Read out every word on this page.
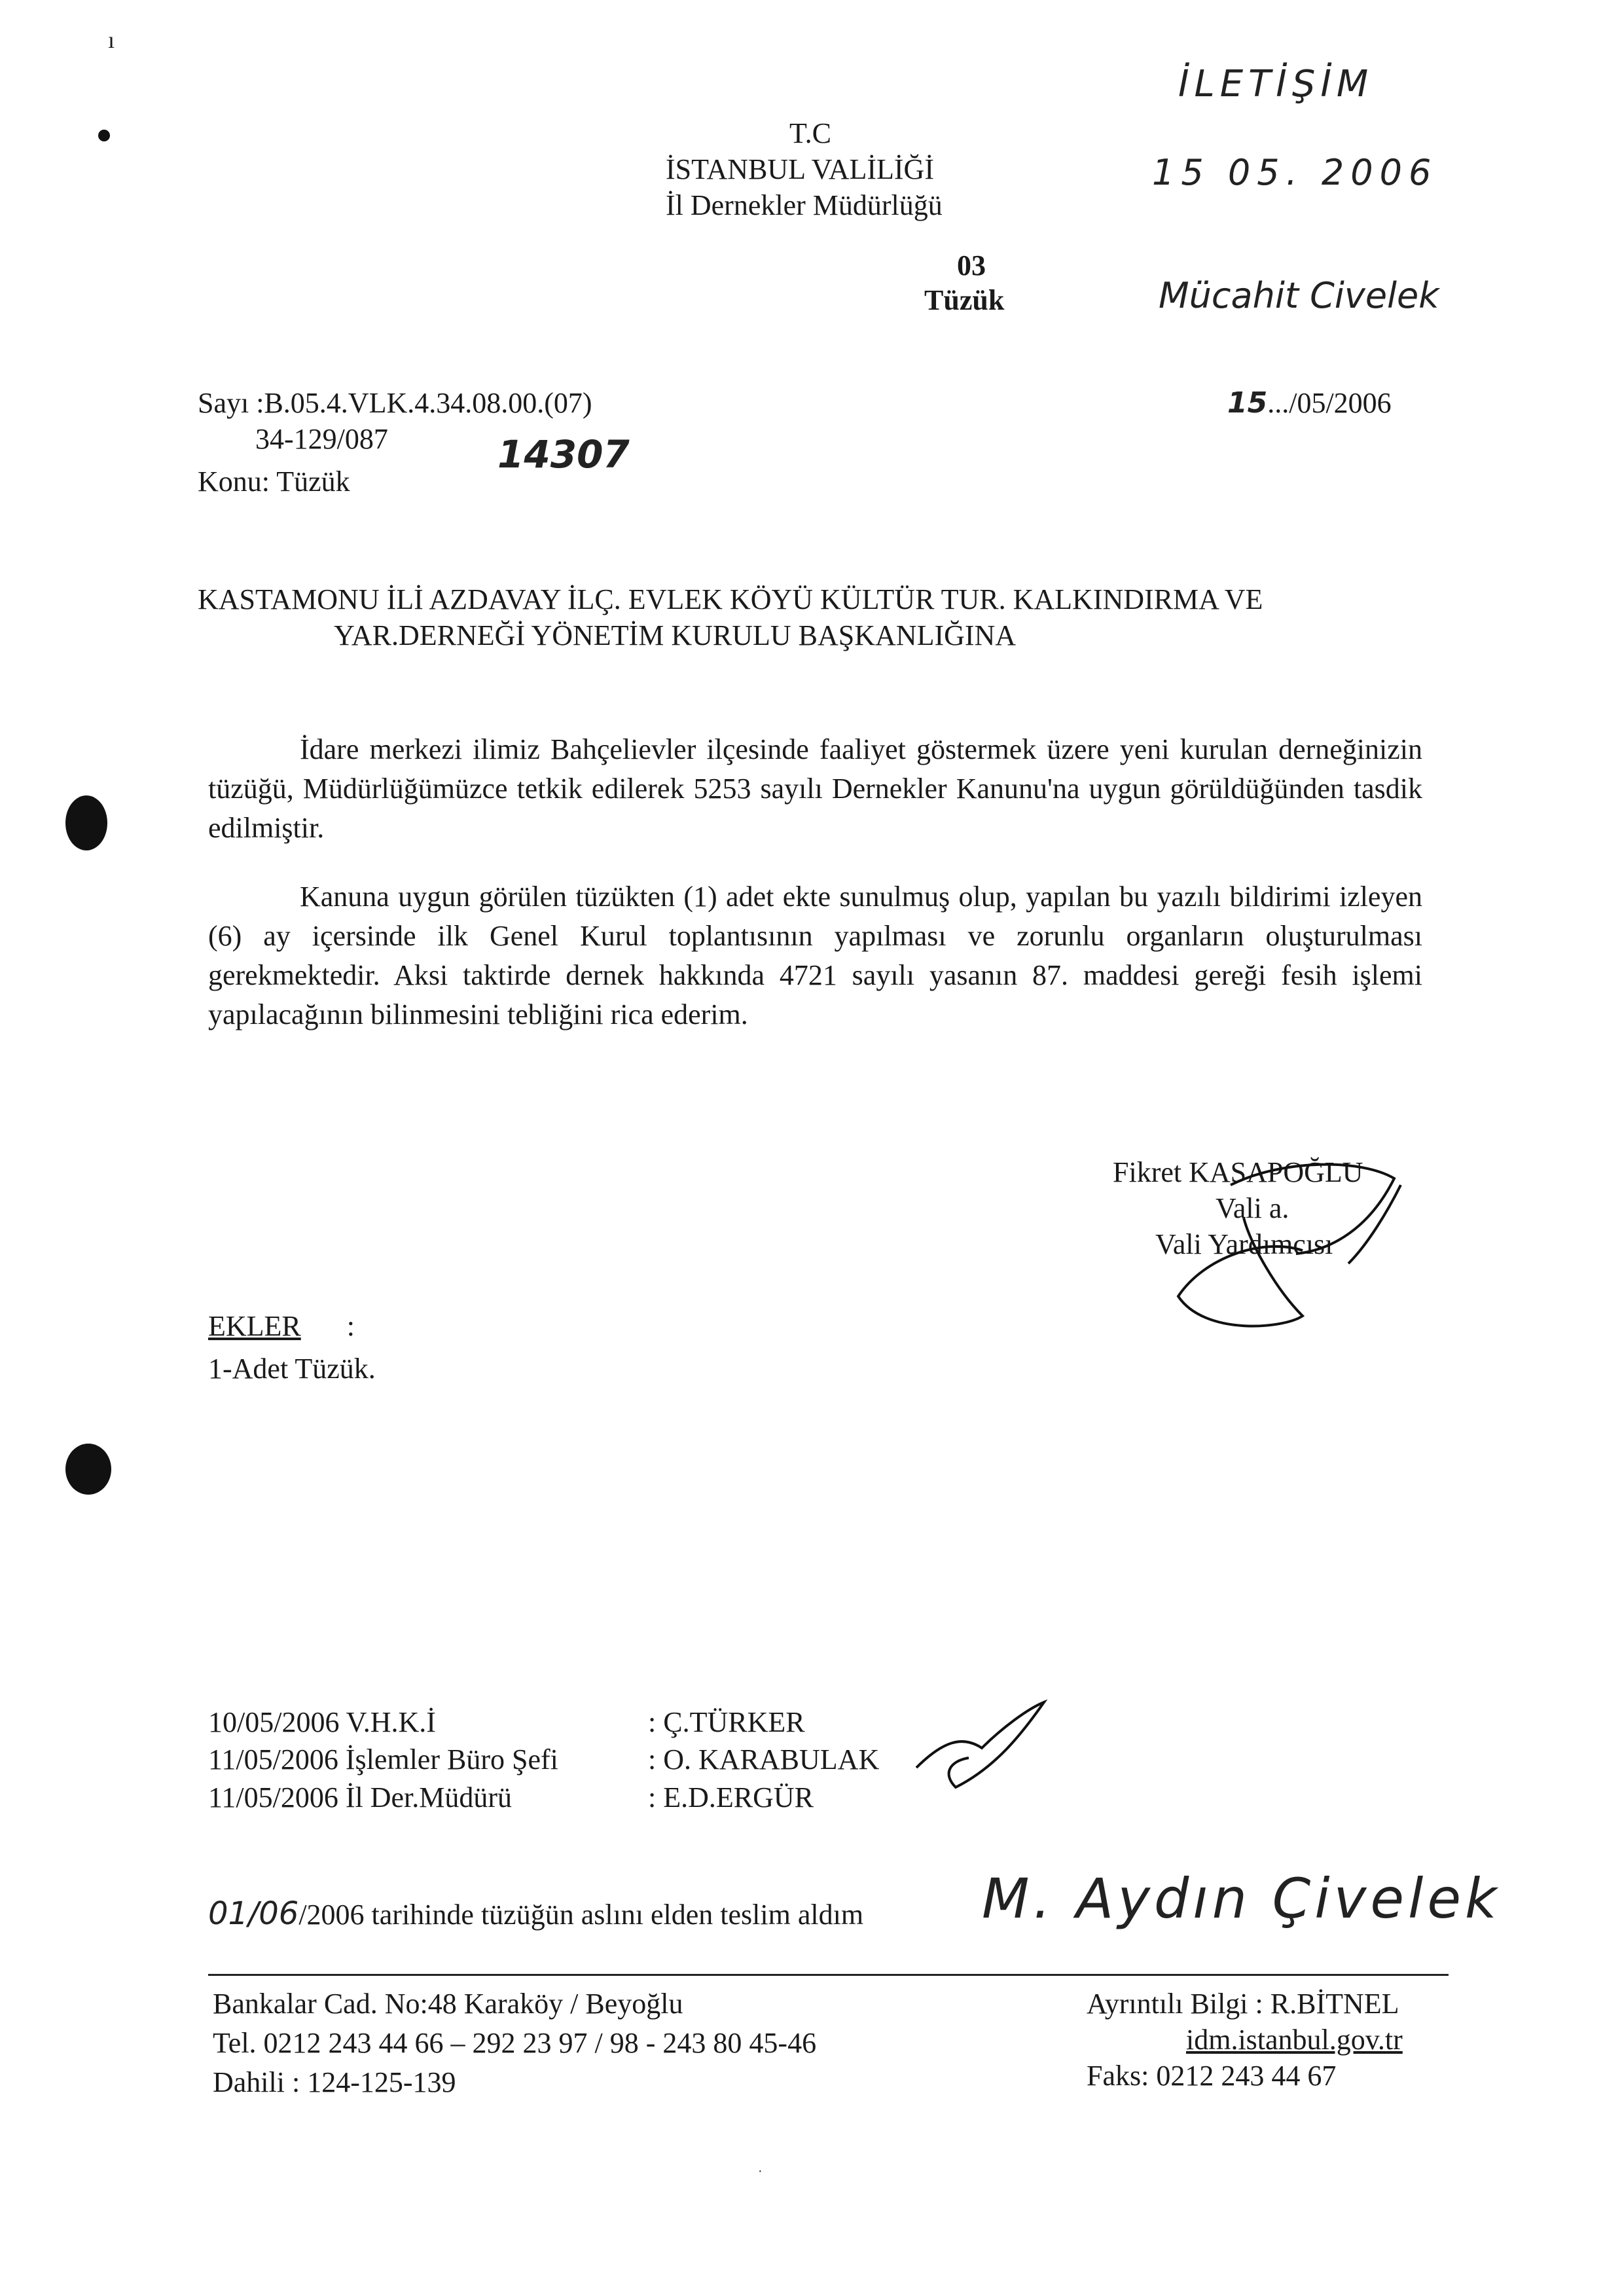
ı
T.C
İSTANBUL VALİLİĞİ
İl Dernekler Müdürlüğü
03
Tüzük
İLETİŞİM
15 05. 2006
Mücahit Civelek
Sayı :B.05.4.VLK.4.34.08.00.(07)
34-129/087
Konu: Tüzük
14307
15.../05/2006
KASTAMONU İLİ AZDAVAY İLÇ. EVLEK KÖYÜ KÜLTÜR TUR. KALKINDIRMA VE
YAR.DERNEĞİ YÖNETİM KURULU BAŞKANLIĞINA
İdare merkezi ilimiz Bahçelievler ilçesinde faaliyet göstermek üzere yeni kurulan derneğinizin tüzüğü, Müdürlüğümüzce tetkik edilerek 5253 sayılı Dernekler Kanunu'na uygun görüldüğünden tasdik edilmiştir.
Kanuna uygun görülen tüzükten (1) adet ekte sunulmuş olup, yapılan bu yazılı bildirimi izleyen (6) ay içersinde ilk Genel Kurul toplantısının yapılması ve zorunlu organların oluşturulması gerekmektedir. Aksi taktirde dernek hakkında 4721 sayılı yasanın 87. maddesi gereği fesih işlemi yapılacağının bilinmesini tebliğini rica ederim.
Fikret KASAPOĞLU
Vali a.
Vali Yardımcısı
EKLER :
1-Adet Tüzük.
10/05/2006 V.H.K.İ	: Ç.TÜRKER
11/05/2006 İşlemler Büro Şefi	: O. KARABULAK
11/05/2006 İl Der.Müdürü	: E.D.ERGÜR
01/06/2006 tarihinde tüzüğün aslını elden teslim aldım M. Aydın Çivelek
Bankalar Cad. No:48 Karaköy / Beyoğlu
Tel. 0212 243 44 66 – 292 23 97 / 98 - 243 80 45-46
Dahili : 124-125-139
Ayrıntılı Bilgi : R.BİTNEL
idm.istanbul.gov.tr
Faks: 0212 243 44 67
·
